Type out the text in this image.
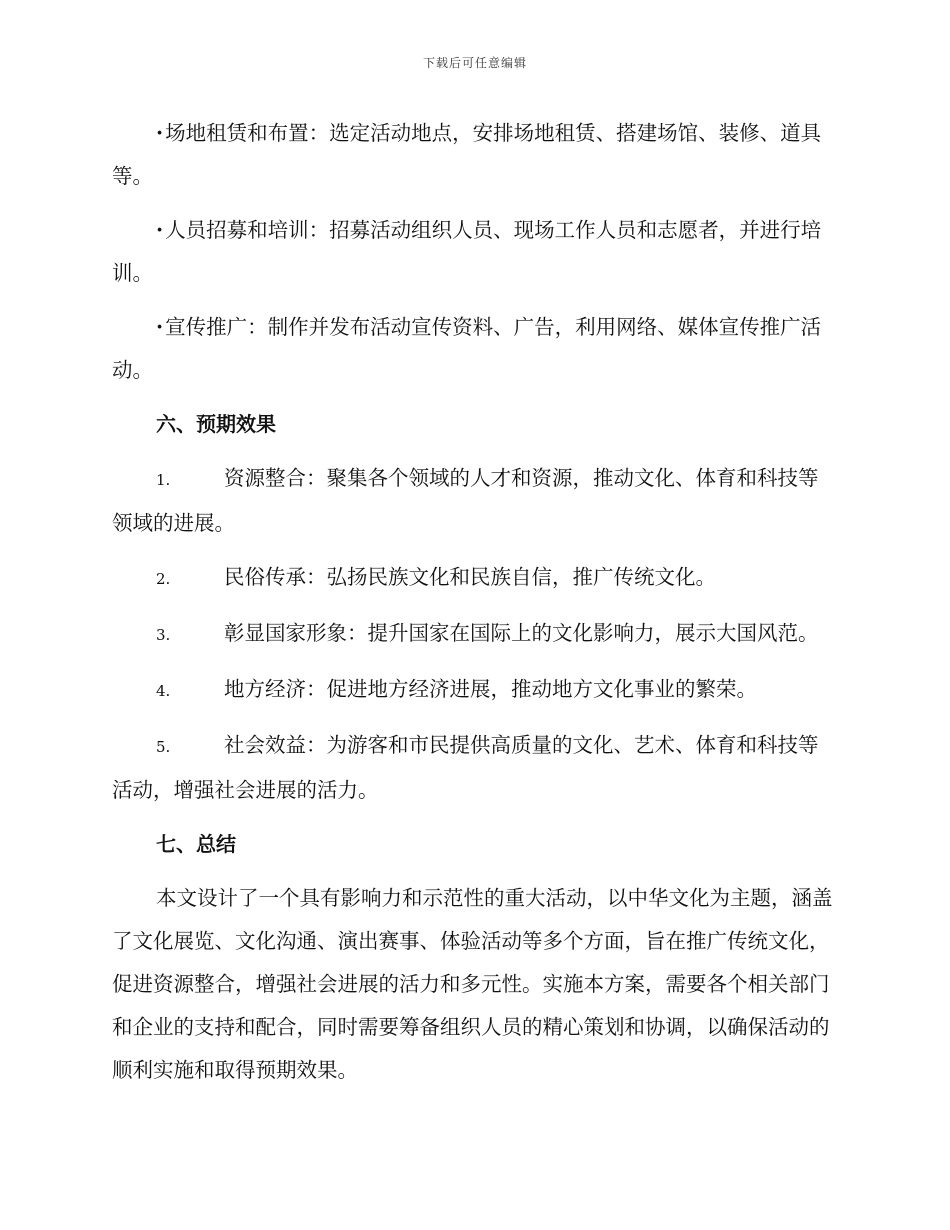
下载后可任意编辑

·场地租赁和布置：选定活动地点，安排场地租赁、搭建场馆、装修、道具等。

·人员招募和培训：招募活动组织人员、现场工作人员和志愿者，并进行培训。

·宣传推广：制作并发布活动宣传资料、广告，利用网络、媒体宣传推广活动。

六、预期效果

1.	资源整合：聚集各个领域的人才和资源，推动文化、体育和科技等领域的进展。

2.	民俗传承：弘扬民族文化和民族自信，推广传统文化。

3.	彰显国家形象：提升国家在国际上的文化影响力，展示大国风范。

4.	地方经济：促进地方经济进展，推动地方文化事业的繁荣。

5.	社会效益：为游客和市民提供高质量的文化、艺术、体育和科技等活动，增强社会进展的活力。

七、总结

本文设计了一个具有影响力和示范性的重大活动，以中华文化为主题，涵盖了文化展览、文化沟通、演出赛事、体验活动等多个方面，旨在推广传统文化，促进资源整合，增强社会进展的活力和多元性。实施本方案，需要各个相关部门和企业的支持和配合，同时需要筹备组织人员的精心策划和协调，以确保活动的顺利实施和取得预期效果。
